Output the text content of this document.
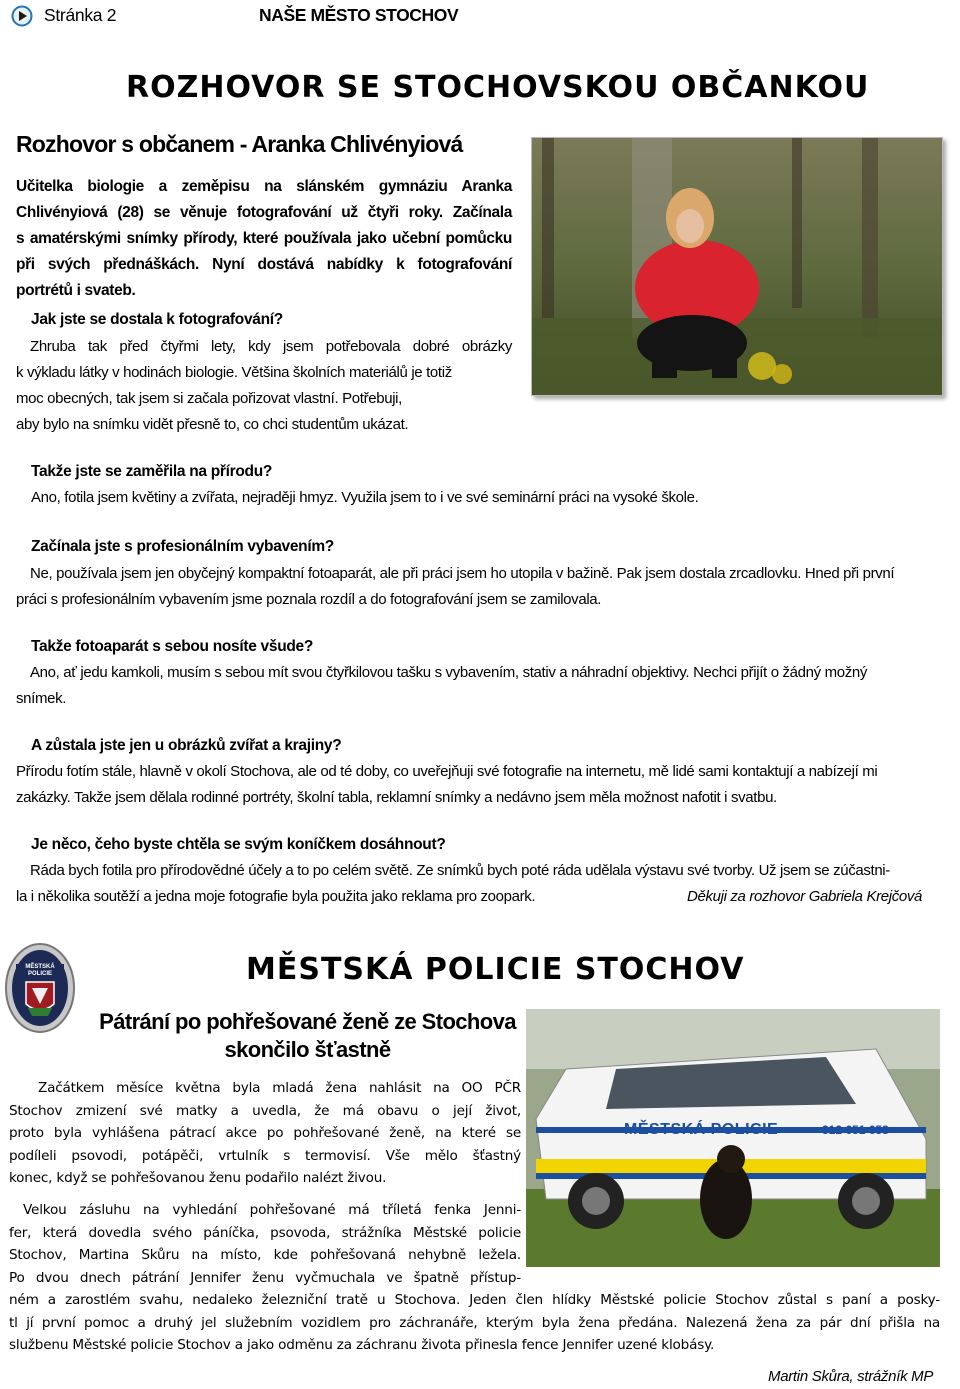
Stránka 2	NAŠE MĚSTO STOCHOV
ROZHOVOR SE STOCHOVSKOU OBČANKOU
Rozhovor s občanem - Aranka Chlivényiová
Učitelka biologie a zeměpisu na slánském gymnáziu Aranka
Chlivényiová (28) se věnuje fotografování už čtyři roky. Začínala
s amatérskými snímky přírody, které používala jako učební pomůcku
při svých přednáškách. Nyní dostává nabídky k fotografování
portrétů i svateb.
Jak jste se dostala k fotografování?
Zhruba tak před čtyřmi lety, kdy jsem potřebovala dobré obrázky
k výkladu látky v hodinách biologie. Většina školních materiálů je totiž
moc obecných, tak jsem si začala pořizovat vlastní. Potřebuji,
aby bylo na snímku vidět přesně to, co chci studentům ukázat.
Takže jste se zaměřila na přírodu?
Ano, fotila jsem květiny a zvířata, nejraději hmyz. Využila jsem to i ve své seminární práci na vysoké škole.
Začínala jste s profesionálním vybavením?
Ne, používala jsem jen obyčejný kompaktní fotoaparát, ale při práci jsem ho utopila v bažině. Pak jsem dostala zrcadlovku. Hned při první
práci s profesionálním vybavením jsme poznala rozdíl a do fotografování jsem se zamilovala.
Takže fotoaparát s sebou nosíte všude?
Ano, ať jedu kamkoli, musím s sebou mít svou čtyřkilovou tašku s vybavením, stativ a náhradní objektivy. Nechci přijít o žádný možný
snímek.
A zůstala jste jen u obrázků zvířat a krajiny?
Přírodu fotím stále, hlavně v okolí Stochova, ale od té doby, co uveřejňuji své fotografie na internetu, mě lidé sami kontaktují a nabízejí mi
zakázky. Takže jsem dělala rodinné portréty, školní tabla, reklamní snímky a nedávno jsem měla možnost nafotit i svatbu.
Je něco, čeho byste chtěla se svým koníčkem dosáhnout?
Ráda bych fotila pro přírodovědné účely a to po celém světě. Ze snímků bych poté ráda udělala výstavu své tvorby. Už jsem se zúčastni-
la i několika soutěží a jedna moje fotografie byla použita jako reklama pro zoopark.	Děkuji za rozhovor Gabriela Krejčová
MĚSTSKÁ POLICIE	MĚSTSKÁ POLICIE STOCHOV
Pátrání po pohřešované ženě ze Stochova
skončilo šťastně
MĚSTSKÁ POLICIE	312 651 658
Začátkem měsíce května byla mladá žena nahlásit na OO PČR
Stochov zmizení své matky a uvedla, že má obavu o její život,
proto byla vyhlášena pátrací akce po pohřešované ženě, na které se
podíleli psovodi, potápěči, vrtulník s termovisí. Vše mělo šťastný
konec, když se pohřešovanou ženu podařilo nalézt živou.
Velkou zásluhu na vyhledání pohřešované má tříletá fenka Jenni-
fer, která dovedla svého páníčka, psovoda, strážníka Městské policie
Stochov, Martina Skůru na místo, kde pohřešovaná nehybně ležela.
Po dvou dnech pátrání Jennifer ženu vyčmuchala ve špatně přístup-
ném a zarostlém svahu, nedaleko železniční tratě u Stochova. Jeden člen hlídky Městské policie Stochov zůstal s paní a posky-
tl jí první pomoc a druhý jel služebním vozidlem pro záchranáře, kterým byla žena předána. Nalezená žena za pár dní přišla na
službenu Městské policie Stochov a jako odměnu za záchranu života přinesla fence Jennifer uzené klobásy.
Martin Skůra, strážník MP
